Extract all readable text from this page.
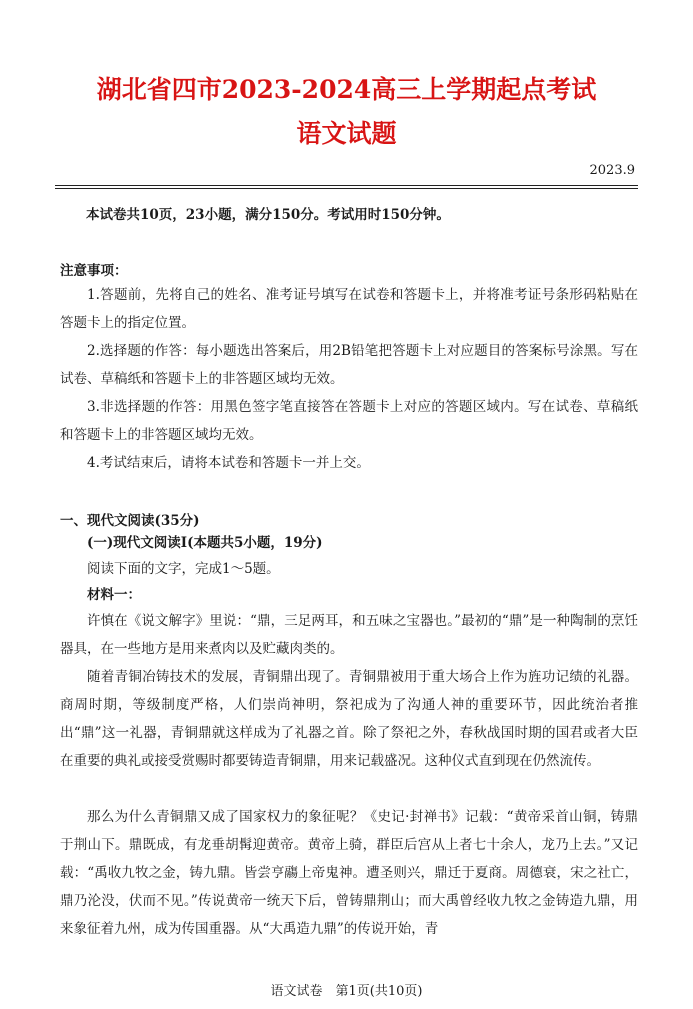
湖北省四市2023-2024高三上学期起点考试
语文试题
2023.9
本试卷共10页，23小题，满分150分。考试用时150分钟。
注意事项：
1.答题前，先将自己的姓名、准考证号填写在试卷和答题卡上，并将准考证号条形码粘贴在答题卡上的指定位置。
2.选择题的作答：每小题选出答案后，用2B铅笔把答题卡上对应题目的答案标号涂黑。写在试卷、草稿纸和答题卡上的非答题区域均无效。
3.非选择题的作答：用黑色签字笔直接答在答题卡上对应的答题区域内。写在试卷、草稿纸和答题卡上的非答题区域均无效。
4.考试结束后，请将本试卷和答题卡一并上交。
一、现代文阅读(35分)
(一)现代文阅读Ⅰ(本题共5小题，19分)
阅读下面的文字，完成1～5题。
材料一：
许慎在《说文解字》里说：“鼎，三足两耳，和五味之宝器也。”最初的“鼎”是一种陶制的烹饪器具，在一些地方是用来煮肉以及贮藏肉类的。
随着青铜冶铸技术的发展，青铜鼎出现了。青铜鼎被用于重大场合上作为旌功记绩的礼器。商周时期，等级制度严格，人们崇尚神明，祭祀成为了沟通人神的重要环节，因此统治者推出“鼎”这一礼器，青铜鼎就这样成为了礼器之首。除了祭祀之外，春秋战国时期的国君或者大臣在重要的典礼或接受赏赐时都要铸造青铜鼎，用来记载盛况。这种仪式直到现在仍然流传。
那么为什么青铜鼎又成了国家权力的象征呢？《史记·封禅书》记载：“黄帝采首山铜，铸鼎于荆山下。鼎既成，有龙垂胡髯迎黄帝。黄帝上骑，群臣后宫从上者七十余人，龙乃上去。”又记载：“禹收九牧之金，铸九鼎。皆尝亨鬺上帝鬼神。遭圣则兴，鼎迁于夏商。周德衰，宋之社亡，鼎乃沦没，伏而不见。”传说黄帝一统天下后，曾铸鼎荆山；而大禹曾经收九牧之金铸造九鼎，用来象征着九州，成为传国重器。从“大禹造九鼎”的传说开始，青
语文试卷　第1页(共10页)
